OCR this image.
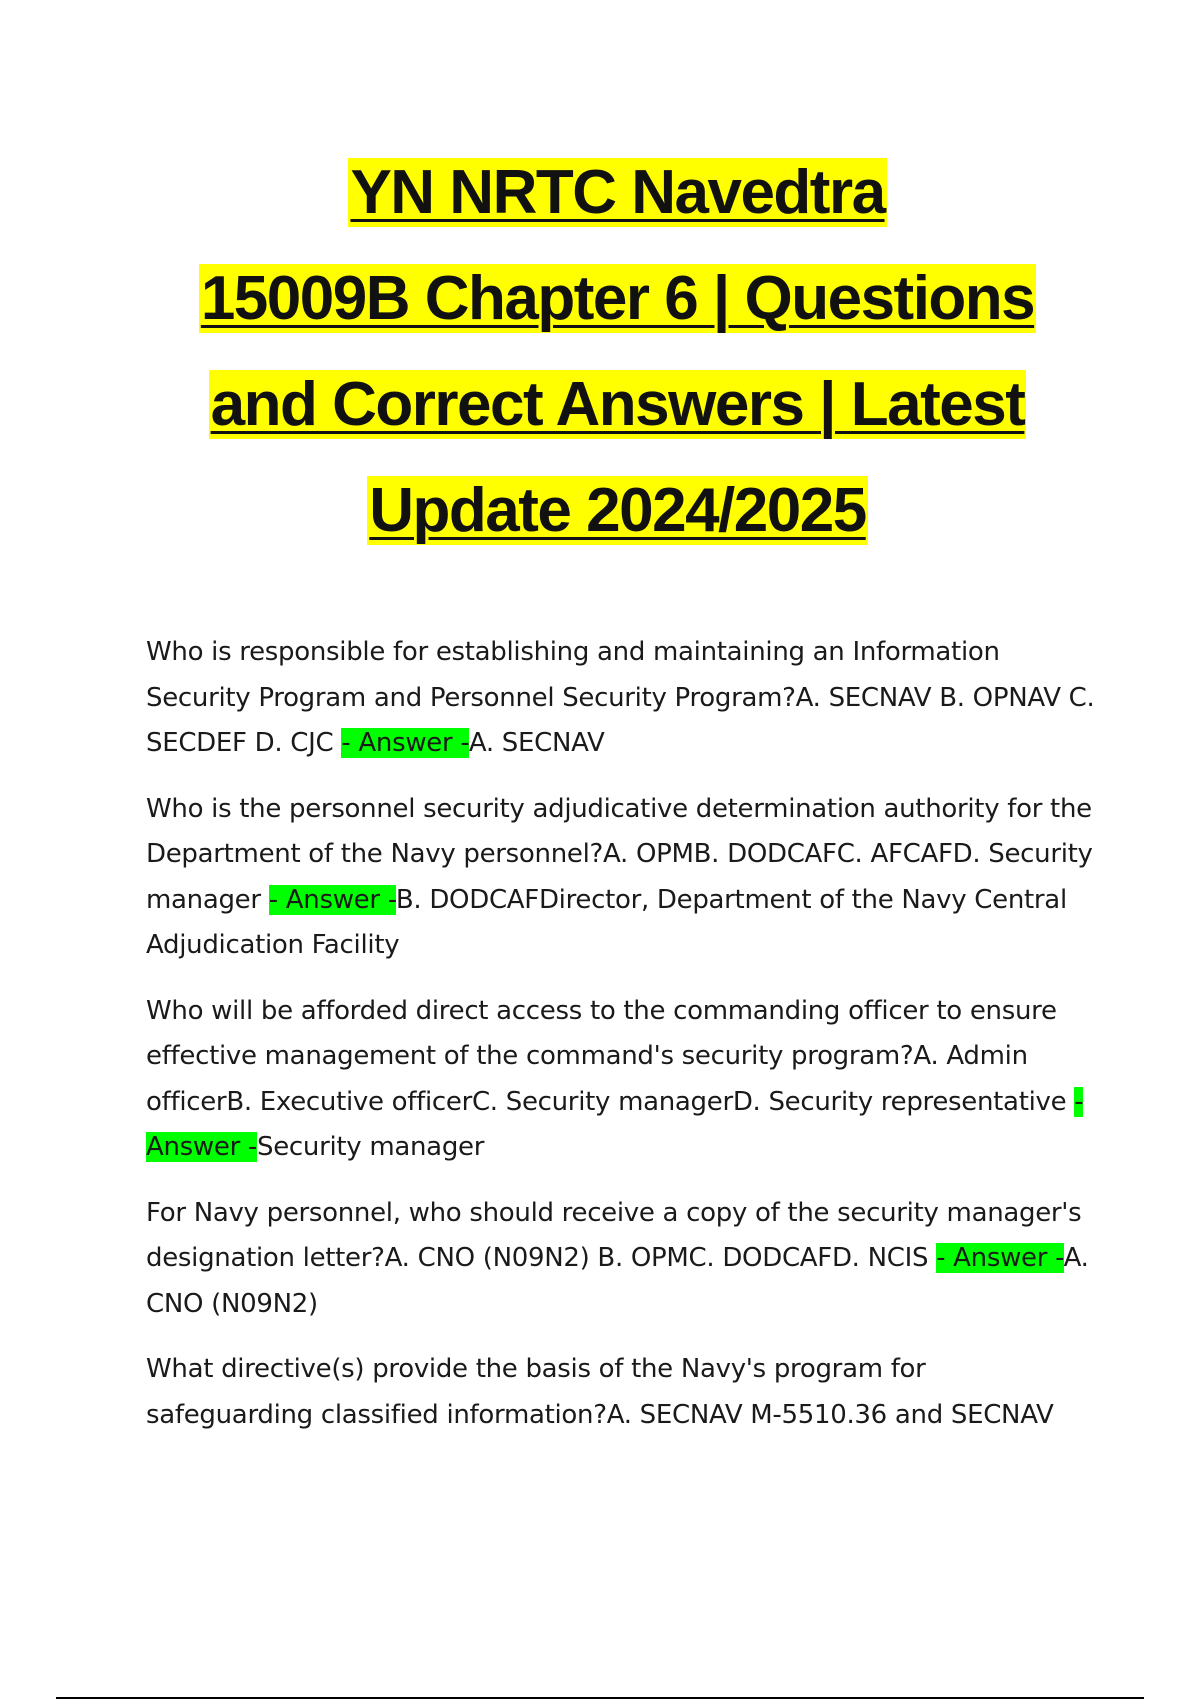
YN NRTC Navedtra
15009B Chapter 6 | Questions
and Correct Answers | Latest
Update 2024/2025

Who is responsible for establishing and maintaining an Information Security Program and Personnel Security Program?A. SECNAV B. OPNAV C. SECDEF D. CJC - Answer -A. SECNAV

Who is the personnel security adjudicative determination authority for the Department of the Navy personnel?A. OPMB. DODCAFC. AFCAFD. Security manager - Answer -B. DODCAFDirector, Department of the Navy Central Adjudication Facility

Who will be afforded direct access to the commanding officer to ensure effective management of the command's security program?A. Admin officerB. Executive officerC. Security managerD. Security representative - Answer -Security manager

For Navy personnel, who should receive a copy of the security manager's designation letter?A. CNO (N09N2) B. OPMC. DODCAFD. NCIS - Answer -A. CNO (N09N2)

What directive(s) provide the basis of the Navy's program for safeguarding classified information?A. SECNAV M-5510.36 and SECNAV
